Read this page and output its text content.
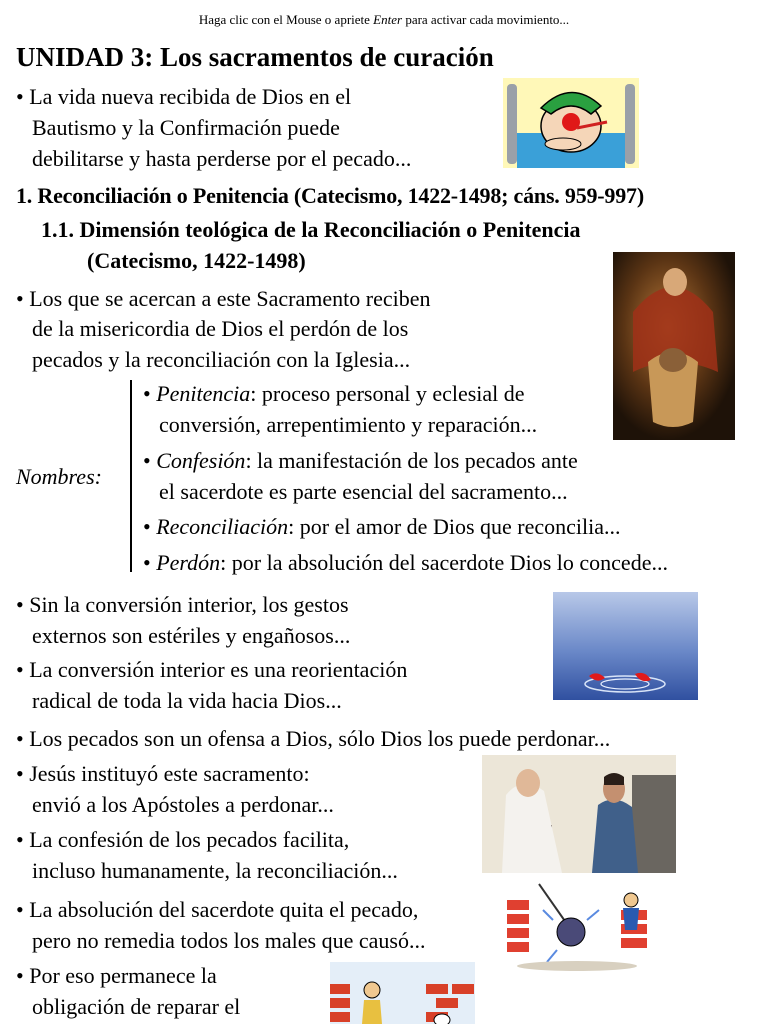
Haga clic con el Mouse o apriete Enter para activar cada movimiento...
UNIDAD 3: Los sacramentos de curación
• La vida nueva recibida de Dios en el
Bautismo y la Confirmación puede
debilitarse y hasta perderse por el pecado...
1. Reconciliación o Penitencia (Catecismo, 1422-1498; cáns. 959-997)
1.1. Dimensión teológica de la Reconciliación o Penitencia
(Catecismo, 1422-1498)
• Los que se acercan a este Sacramento reciben
de la misericordia de Dios el perdón de los
pecados y la reconciliación con la Iglesia...
Nombres:
• Penitencia: proceso personal y eclesial de
conversión, arrepentimiento y reparación...
• Confesión: la manifestación de los pecados ante
el sacerdote es parte esencial del sacramento...
• Reconciliación: por el amor de Dios que reconcilia...
• Perdón: por la absolución del sacerdote Dios lo concede...
• Sin la conversión interior, los gestos
externos son estériles y engañosos...
• La conversión interior es una reorientación
radical de toda la vida hacia Dios...
• Los pecados son un ofensa a Dios, sólo Dios los puede perdonar...
• Jesús instituyó este sacramento:
envió a los Apóstoles a perdonar...
• La confesión de los pecados facilita,
incluso humanamente, la reconciliación...
• La absolución del sacerdote quita el pecado,
pero no remedia todos los males que causó...
• Por eso permanece la
obligación de reparar el
